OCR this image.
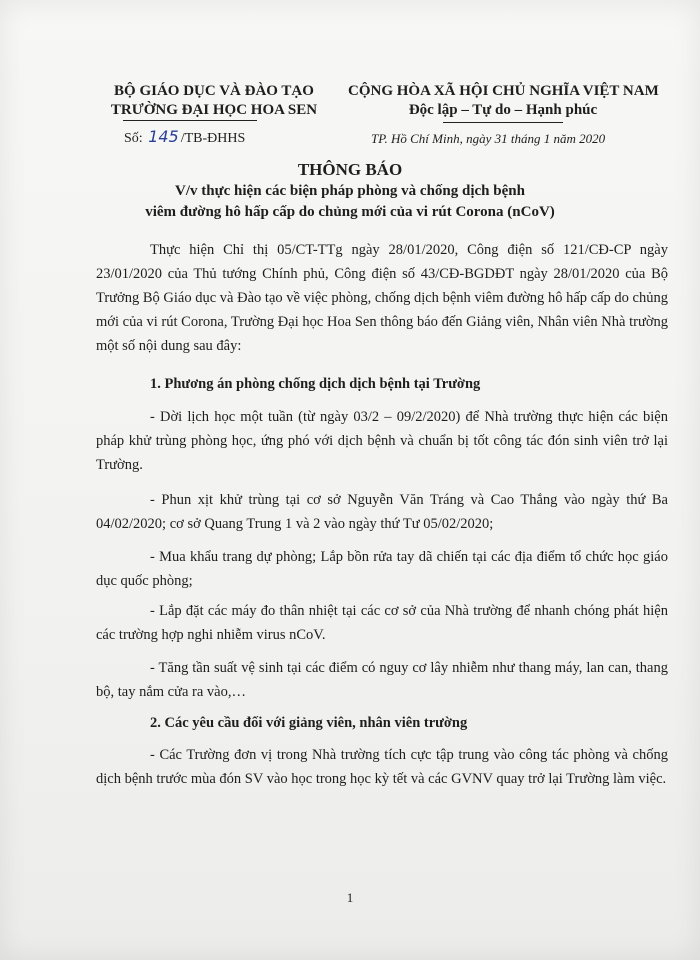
BỘ GIÁO DỤC VÀ ĐÀO TẠO
TRƯỜNG ĐẠI HỌC HOA SEN
CỘNG HÒA XÃ HỘI CHỦ NGHĨA VIỆT NAM
Độc lập – Tự do – Hạnh phúc
Số: 145 /TB-ĐHHS	TP. Hồ Chí Minh, ngày 31 tháng 1 năm 2020
THÔNG BÁO
V/v thực hiện các biện pháp phòng và chống dịch bệnh
viêm đường hô hấp cấp do chủng mới của vi rút Corona (nCoV)

Thực hiện Chỉ thị 05/CT-TTg ngày 28/01/2020, Công điện số 121/CĐ-CP ngày 23/01/2020 của Thủ tướng Chính phủ, Công điện số 43/CĐ-BGDĐT ngày 28/01/2020 của Bộ Trưởng Bộ Giáo dục và Đào tạo về việc phòng, chống dịch bệnh viêm đường hô hấp cấp do chủng mới của vi rút Corona, Trường Đại học Hoa Sen thông báo đến Giảng viên, Nhân viên Nhà trường một số nội dung sau đây:

1. Phương án phòng chống dịch dịch bệnh tại Trường

- Dời lịch học một tuần (từ ngày 03/2 – 09/2/2020) để Nhà trường thực hiện các biện pháp khử trùng phòng học, ứng phó với dịch bệnh và chuẩn bị tốt công tác đón sinh viên trở lại Trường.

- Phun xịt khử trùng tại cơ sở Nguyễn Văn Tráng và Cao Thắng vào ngày thứ Ba 04/02/2020; cơ sở Quang Trung 1 và 2 vào ngày thứ Tư 05/02/2020;

- Mua khẩu trang dự phòng; Lắp bồn rửa tay dã chiến tại các địa điểm tổ chức học giáo dục quốc phòng;

- Lắp đặt các máy đo thân nhiệt tại các cơ sở của Nhà trường để nhanh chóng phát hiện các trường hợp nghi nhiễm virus nCoV.

- Tăng tần suất vệ sinh tại các điểm có nguy cơ lây nhiễm như thang máy, lan can, thang bộ, tay nắm cửa ra vào,…

2. Các yêu cầu đối với giảng viên, nhân viên trường

- Các Trường đơn vị trong Nhà trường tích cực tập trung vào công tác phòng và chống dịch bệnh trước mùa đón SV vào học trong học kỳ tết và các GVNV quay trở lại Trường làm việc.

1
